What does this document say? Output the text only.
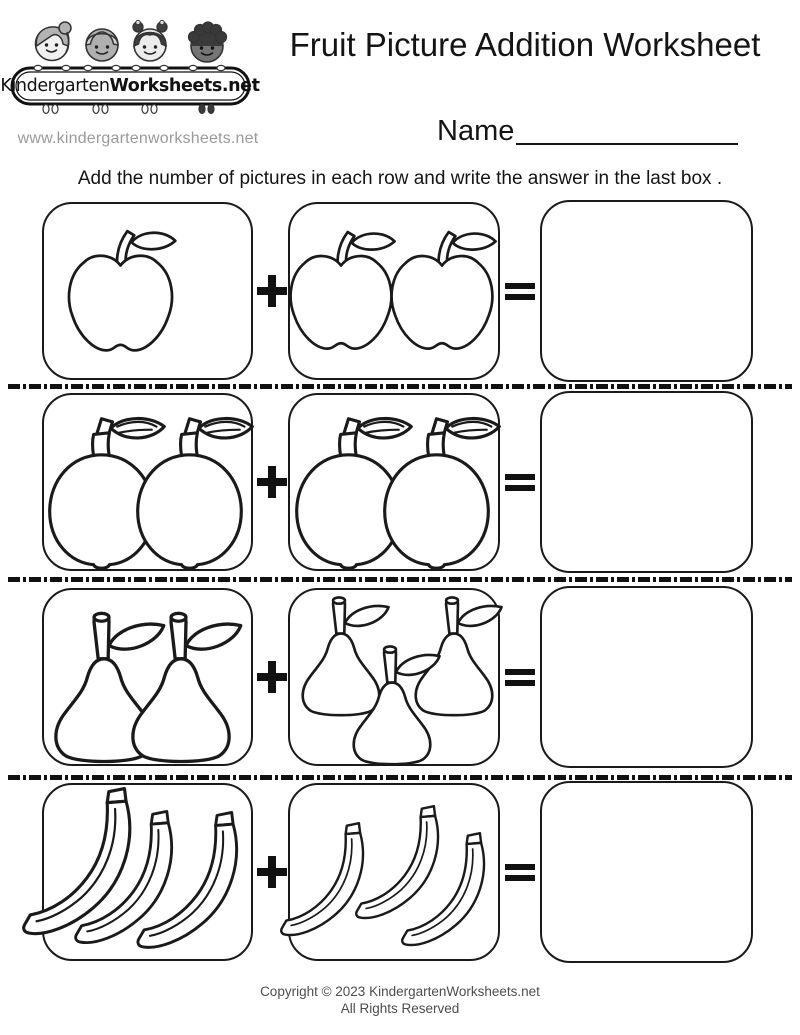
Kindergarten Worksheets.net
www.kindergartenworksheets.net
Fruit Picture Addition Worksheet
Name
Add the number of pictures in each row and write the answer in the last box .
Copyright © 2023 KindergartenWorksheets.net
All Rights Reserved
